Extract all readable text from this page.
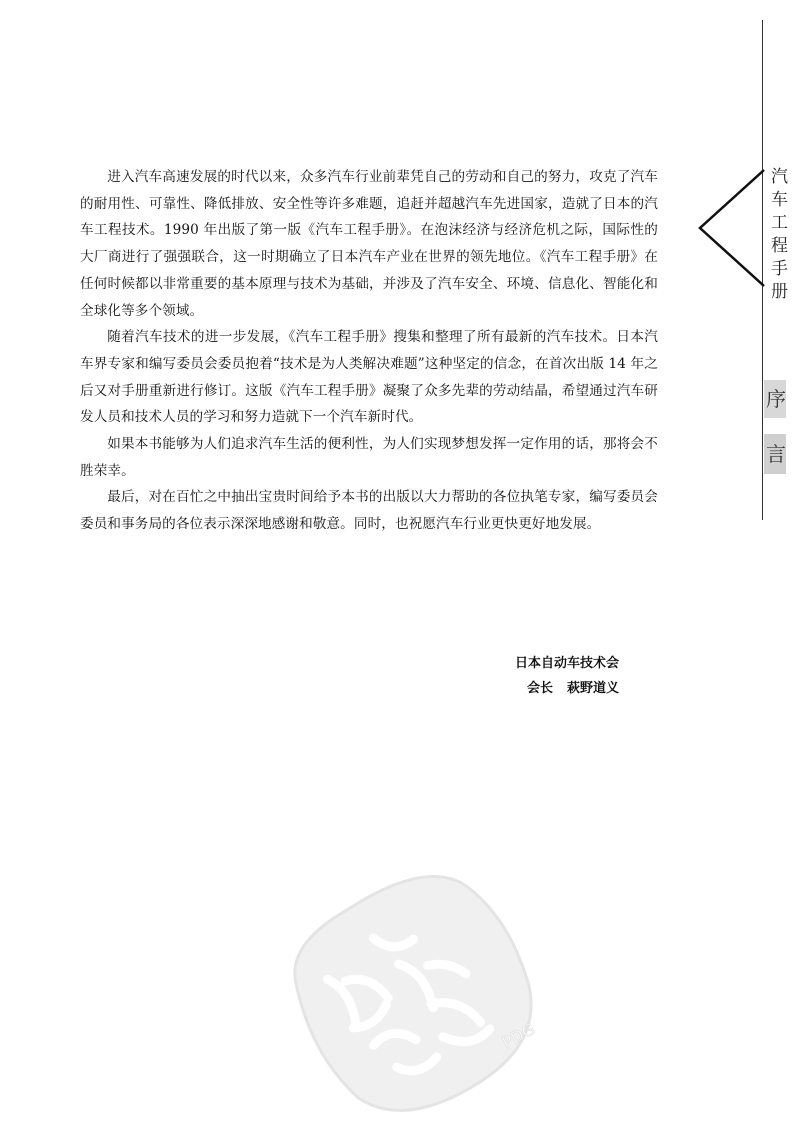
进入汽车高速发展的时代以来，众多汽车行业前辈凭自己的劳动和自己的努力，攻克了汽车的耐用性、可靠性、降低排放、安全性等许多难题，追赶并超越汽车先进国家，造就了日本的汽车工程技术。1990 年出版了第一版《汽车工程手册》。在泡沫经济与经济危机之际，国际性的大厂商进行了强强联合，这一时期确立了日本汽车产业在世界的领先地位。《汽车工程手册》在任何时候都以非常重要的基本原理与技术为基础，并涉及了汽车安全、环境、信息化、智能化和全球化等多个领域。

随着汽车技术的进一步发展，《汽车工程手册》搜集和整理了所有最新的汽车技术。日本汽车界专家和编写委员会委员抱着“技术是为人类解决难题”这种坚定的信念，在首次出版 14 年之后又对手册重新进行修订。这版《汽车工程手册》凝聚了众多先辈的劳动结晶，希望通过汽车研发人员和技术人员的学习和努力造就下一个汽车新时代。

如果本书能够为人们追求汽车生活的便利性，为人们实现梦想发挥一定作用的话，那将会不胜荣幸。

最后，对在百忙之中抽出宝贵时间给予本书的出版以大力帮助的各位执笔专家，编写委员会委员和事务局的各位表示深深地感谢和敬意。同时，也祝愿汽车行业更快更好地发展。

日本自动车技术会
会长 萩野道义
汽
车
工
程
手
册
序
言
PDG
